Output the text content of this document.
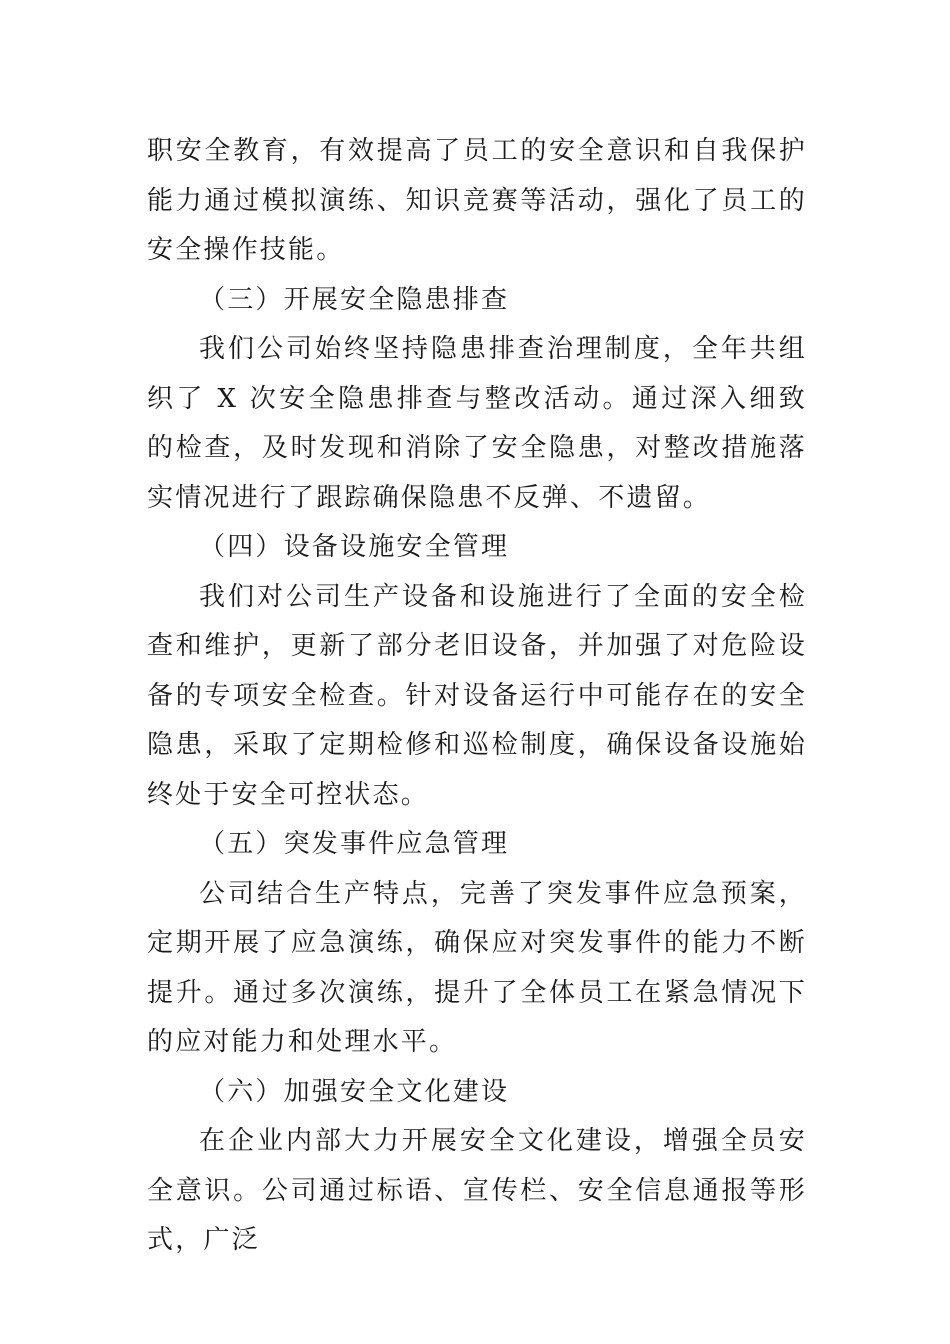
职安全教育，有效提高了员工的安全意识和自我保护能力通过模拟演练、知识竞赛等活动，强化了员工的安全操作技能。

（三）开展安全隐患排查

我们公司始终坚持隐患排查治理制度，全年共组织了 X 次安全隐患排查与整改活动。通过深入细致的检查，及时发现和消除了安全隐患，对整改措施落实情况进行了跟踪确保隐患不反弹、不遗留。

（四）设备设施安全管理

我们对公司生产设备和设施进行了全面的安全检查和维护，更新了部分老旧设备，并加强了对危险设备的专项安全检查。针对设备运行中可能存在的安全隐患，采取了定期检修和巡检制度，确保设备设施始终处于安全可控状态。

（五）突发事件应急管理

公司结合生产特点，完善了突发事件应急预案，定期开展了应急演练，确保应对突发事件的能力不断提升。通过多次演练，提升了全体员工在紧急情况下的应对能力和处理水平。

（六）加强安全文化建设

在企业内部大力开展安全文化建设，增强全员安全意识。公司通过标语、宣传栏、安全信息通报等形式，广泛
